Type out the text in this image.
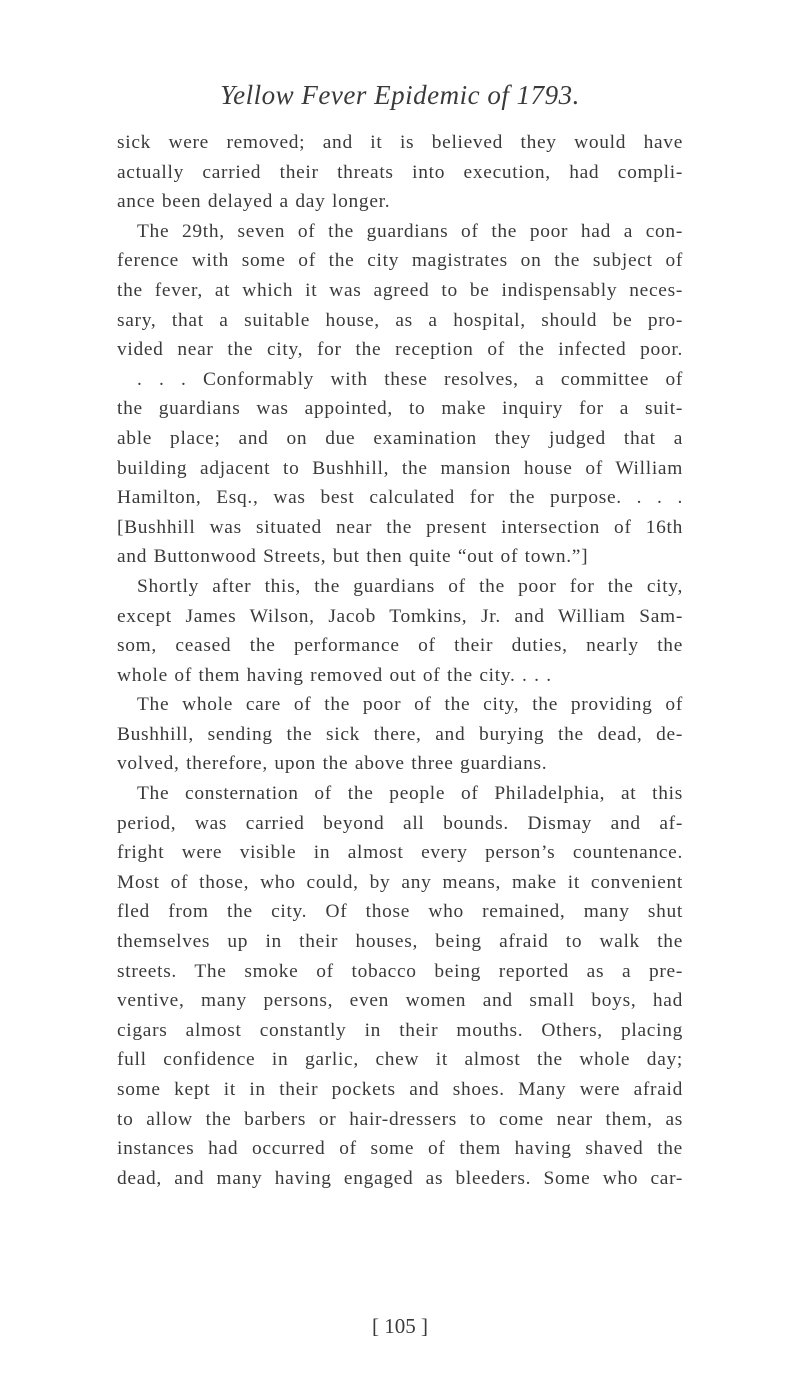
Yellow Fever Epidemic of 1793.
sick were removed; and it is believed they would have
actually carried their threats into execution, had compli-
ance been delayed a day longer.
The 29th, seven of the guardians of the poor had a con-
ference with some of the city magistrates on the subject of
the fever, at which it was agreed to be indispensably neces-
sary, that a suitable house, as a hospital, should be pro-
vided near the city, for the reception of the infected poor.
. . . Conformably with these resolves, a committee of
the guardians was appointed, to make inquiry for a suit-
able place; and on due examination they judged that a
building adjacent to Bushhill, the mansion house of William
Hamilton, Esq., was best calculated for the purpose. . . .
[Bushhill was situated near the present intersection of 16th
and Buttonwood Streets, but then quite “out of town.”]
Shortly after this, the guardians of the poor for the city,
except James Wilson, Jacob Tomkins, Jr. and William Sam-
som, ceased the performance of their duties, nearly the
whole of them having removed out of the city. . . .
The whole care of the poor of the city, the providing of
Bushhill, sending the sick there, and burying the dead, de-
volved, therefore, upon the above three guardians.
The consternation of the people of Philadelphia, at this
period, was carried beyond all bounds. Dismay and af-
fright were visible in almost every person’s countenance.
Most of those, who could, by any means, make it convenient
fled from the city. Of those who remained, many shut
themselves up in their houses, being afraid to walk the
streets. The smoke of tobacco being reported as a pre-
ventive, many persons, even women and small boys, had
cigars almost constantly in their mouths. Others, placing
full confidence in garlic, chew it almost the whole day;
some kept it in their pockets and shoes. Many were afraid
to allow the barbers or hair-dressers to come near them, as
instances had occurred of some of them having shaved the
dead, and many having engaged as bleeders. Some who car-
[ 105 ]
